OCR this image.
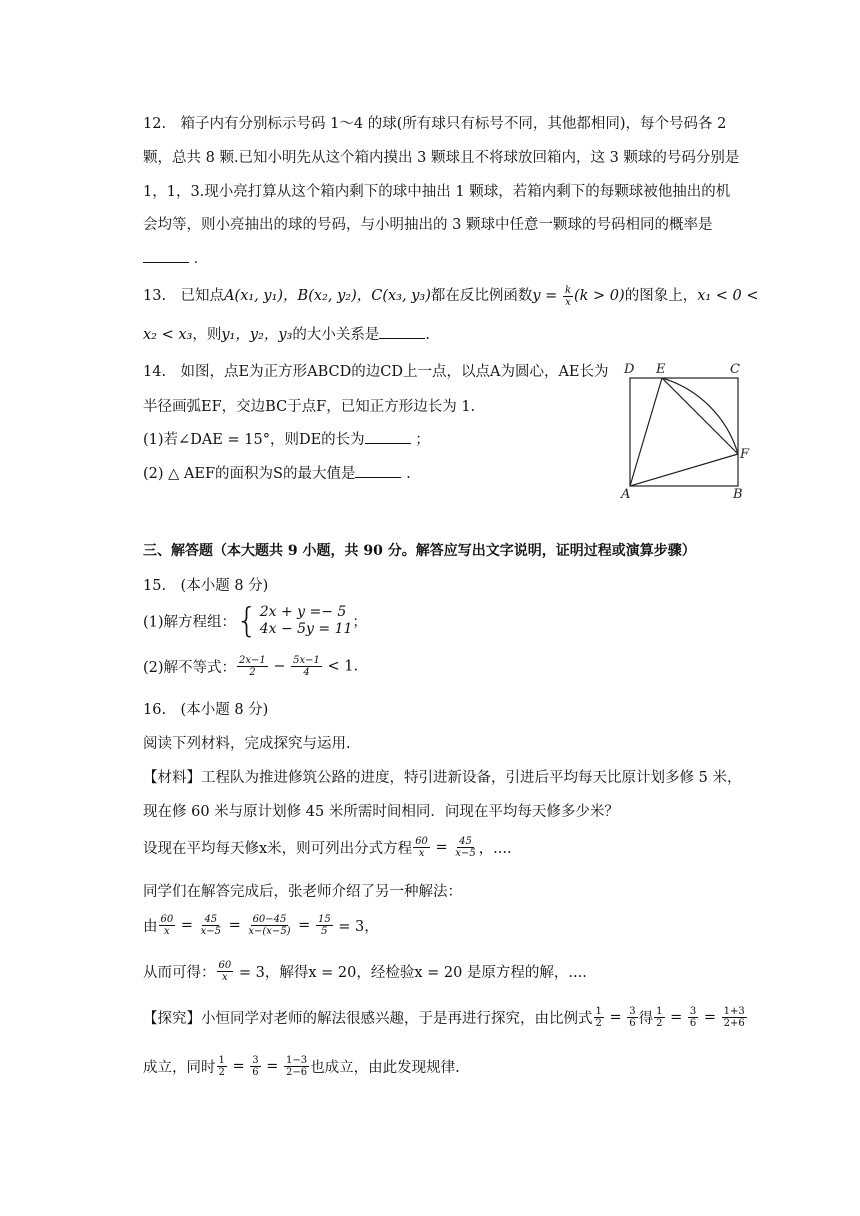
12.　箱子内有分别标示号码 1～4 的球(所有球只有标号不同，其他都相同)，每个号码各 2
颗，总共 8 颗.已知小明先从这个箱内摸出 3 颗球且不将球放回箱内，这 3 颗球的号码分别是
1，1，3.现小亮打算从这个箱内剩下的球中抽出 1 颗球，若箱内剩下的每颗球被他抽出的机
会均等，则小亮抽出的球的号码，与小明抽出的 3 颗球中任意一颗球的号码相同的概率是
．
13.　已知点A(x₁, y₁)，B(x₂, y₂)，C(x₃, y₃)都在反比例函数$y = \frac{k}{x} (k > 0)$的图象上，x₁ < 0 <
x₂ < x₃，则y₁，y₂，y₃的大小关系是	.
14.　如图，点E为正方形ABCD的边CD上一点，以点A为圆心，AE长为
半径画弧EF，交边BC于点F，已知正方形边长为 1.
(1)若∠DAE = 15°，则DE的长为	；
(2) △ AEF的面积为S的最大值是	.
D E	C
F
A	B
三、解答题（本大题共 9 小题，共 90 分。解答应写出文字说明，证明过程或演算步骤）
15.　(本小题 8 分)
(1)解方程组： { 2x + y =− 5
4x − 5y = 11 ；
(2)解不等式： $\frac{2x-1}{2} - \frac{5x-1}{4} < 1$.
16.　(本小题 8 分)
阅读下列材料，完成探究与运用.
【材料】工程队为推进修筑公路的进度，特引进新设备，引进后平均每天比原计划多修 5 米，
现在修 60 米与原计划修 45 米所需时间相同．问现在平均每天修多少米？
设现在平均每天修x米，则可列出分式方程 $\frac{60}{x} = \frac{45}{x-5}$ ，....
同学们在解答完成后，张老师介绍了另一种解法：
由 $\frac{60}{x} = \frac{45}{x-5} = \frac{60-45}{x-(x-5)} = \frac{15}{5} = 3$，
从而可得： $\frac{60}{x} = 3$，解得x = 20，经检验x = 20 是原方程的解，....
【探究】小恒同学对老师的解法很感兴趣，于是再进行探究，由比例式 $\frac{1}{2} = \frac{3}{6}$ 得 $\frac{1}{2} = \frac{3}{6} = \frac{1+3}{2+6}$
成立，同时 $\frac{1}{2} = \frac{3}{6} = \frac{1-3}{2-6}$ 也成立，由此发现规律.
